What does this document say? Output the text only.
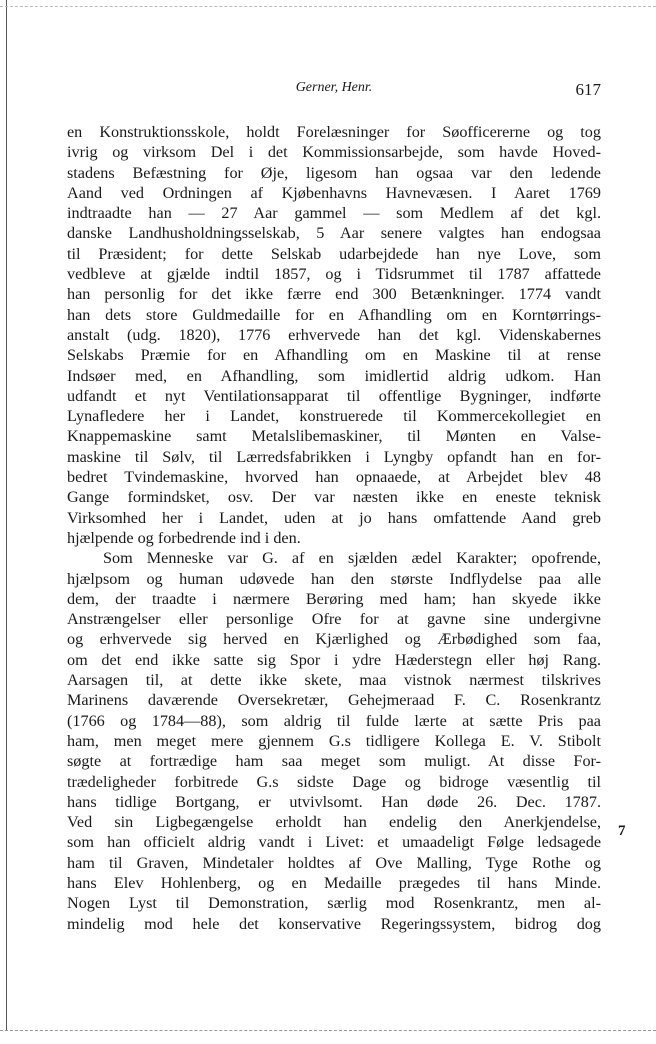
Gerner, Henr.	617
en Konstruktionsskole, holdt Forelæsninger for Søofficererne og tog
ivrig og virksom Del i det Kommissionsarbejde, som havde Hoved-
stadens Befæstning for Øje, ligesom han ogsaa var den ledende
Aand ved Ordningen af Kjøbenhavns Havnevæsen. I Aaret 1769
indtraadte han — 27 Aar gammel — som Medlem af det kgl.
danske Landhusholdningsselskab, 5 Aar senere valgtes han endogsaa
til Præsident; for dette Selskab udarbejdede han nye Love, som
vedbleve at gjælde indtil 1857, og i Tidsrummet til 1787 affattede
han personlig for det ikke færre end 300 Betænkninger. 1774 vandt
han dets store Guldmedaille for en Afhandling om en Korntørrings-
anstalt (udg. 1820), 1776 erhvervede han det kgl. Videnskabernes
Selskabs Præmie for en Afhandling om en Maskine til at rense
Indsøer med, en Afhandling, som imidlertid aldrig udkom. Han
udfandt et nyt Ventilationsapparat til offentlige Bygninger, indførte
Lynafledere her i Landet, konstruerede til Kommercekollegiet en
Knappemaskine samt Metalslibemaskiner, til Mønten en Valse-
maskine til Sølv, til Lærredsfabrikken i Lyngby opfandt han en for-
bedret Tvindemaskine, hvorved han opnaaede, at Arbejdet blev 48
Gange formindsket, osv. Der var næsten ikke en eneste teknisk
Virksomhed her i Landet, uden at jo hans omfattende Aand greb
hjælpende og forbedrende ind i den.
Som Menneske var G. af en sjælden ædel Karakter; opofrende,
hjælpsom og human udøvede han den største Indflydelse paa alle
dem, der traadte i nærmere Berøring med ham; han skyede ikke
Anstrængelser eller personlige Ofre for at gavne sine undergivne
og erhvervede sig herved en Kjærlighed og Ærbødighed som faa,
om det end ikke satte sig Spor i ydre Hæderstegn eller høj Rang.
Aarsagen til, at dette ikke skete, maa vistnok nærmest tilskrives
Marinens daværende Oversekretær, Gehejmeraad F. C. Rosenkrantz
(1766 og 1784—88), som aldrig til fulde lærte at sætte Pris paa
ham, men meget mere gjennem G.s tidligere Kollega E. V. Stibolt
søgte at fortrædige ham saa meget som muligt. At disse For-
trædeligheder forbitrede G.s sidste Dage og bidroge væsentlig til
hans tidlige Bortgang, er utvivlsomt. Han døde 26. Dec. 1787.
Ved sin Ligbegængelse erholdt han endelig den Anerkjendelse,
som han officielt aldrig vandt i Livet: et umaadeligt Følge ledsagede
ham til Graven, Mindetaler holdtes af Ove Malling, Tyge Rothe og
hans Elev Hohlenberg, og en Medaille prægedes til hans Minde.
Nogen Lyst til Demonstration, særlig mod Rosenkrantz, men al-
mindelig mod hele det konservative Regeringssystem, bidrog dog
7
